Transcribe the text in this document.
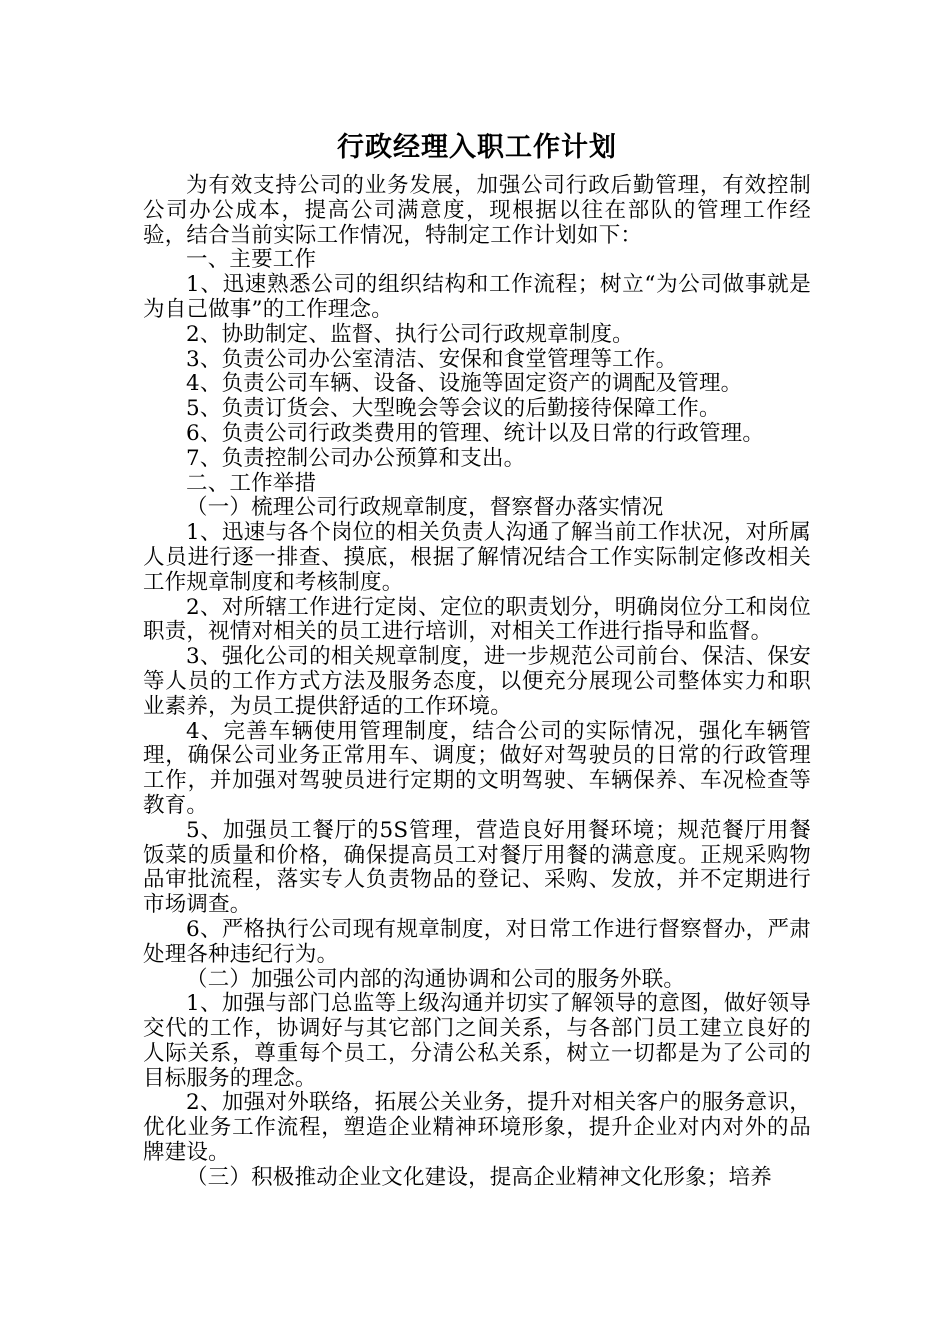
行政经理入职工作计划

为有效支持公司的业务发展，加强公司行政后勤管理，有效控制公司办公成本，提高公司满意度，现根据以往在部队的管理工作经验，结合当前实际工作情况，特制定工作计划如下：

一、主要工作

1、迅速熟悉公司的组织结构和工作流程；树立“为公司做事就是为自己做事”的工作理念。

2、协助制定、监督、执行公司行政规章制度。

3、负责公司办公室清洁、安保和食堂管理等工作。

4、负责公司车辆、设备、设施等固定资产的调配及管理。

5、负责订货会、大型晚会等会议的后勤接待保障工作。

6、负责公司行政类费用的管理、统计以及日常的行政管理。

7、负责控制公司办公预算和支出。

二、工作举措

（一）梳理公司行政规章制度，督察督办落实情况

1、迅速与各个岗位的相关负责人沟通了解当前工作状况，对所属人员进行逐一排查、摸底，根据了解情况结合工作实际制定修改相关工作规章制度和考核制度。

2、对所辖工作进行定岗、定位的职责划分，明确岗位分工和岗位职责，视情对相关的员工进行培训，对相关工作进行指导和监督。

3、强化公司的相关规章制度，进一步规范公司前台、保洁、保安等人员的工作方式方法及服务态度，以便充分展现公司整体实力和职业素养，为员工提供舒适的工作环境。

4、完善车辆使用管理制度，结合公司的实际情况，强化车辆管理，确保公司业务正常用车、调度；做好对驾驶员的日常的行政管理工作，并加强对驾驶员进行定期的文明驾驶、车辆保养、车况检查等教育。

5、加强员工餐厅的5S管理，营造良好用餐环境；规范餐厅用餐饭菜的质量和价格，确保提高员工对餐厅用餐的满意度。正规采购物品审批流程，落实专人负责物品的登记、采购、发放，并不定期进行市场调查。

6、严格执行公司现有规章制度，对日常工作进行督察督办，严肃处理各种违纪行为。

（二）加强公司内部的沟通协调和公司的服务外联。

1、加强与部门总监等上级沟通并切实了解领导的意图，做好领导交代的工作，协调好与其它部门之间关系，与各部门员工建立良好的人际关系，尊重每个员工，分清公私关系，树立一切都是为了公司的目标服务的理念。

2、加强对外联络，拓展公关业务，提升对相关客户的服务意识，优化业务工作流程，塑造企业精神环境形象，提升企业对内对外的品牌建设。

（三）积极推动企业文化建设，提高企业精神文化形象；培养
